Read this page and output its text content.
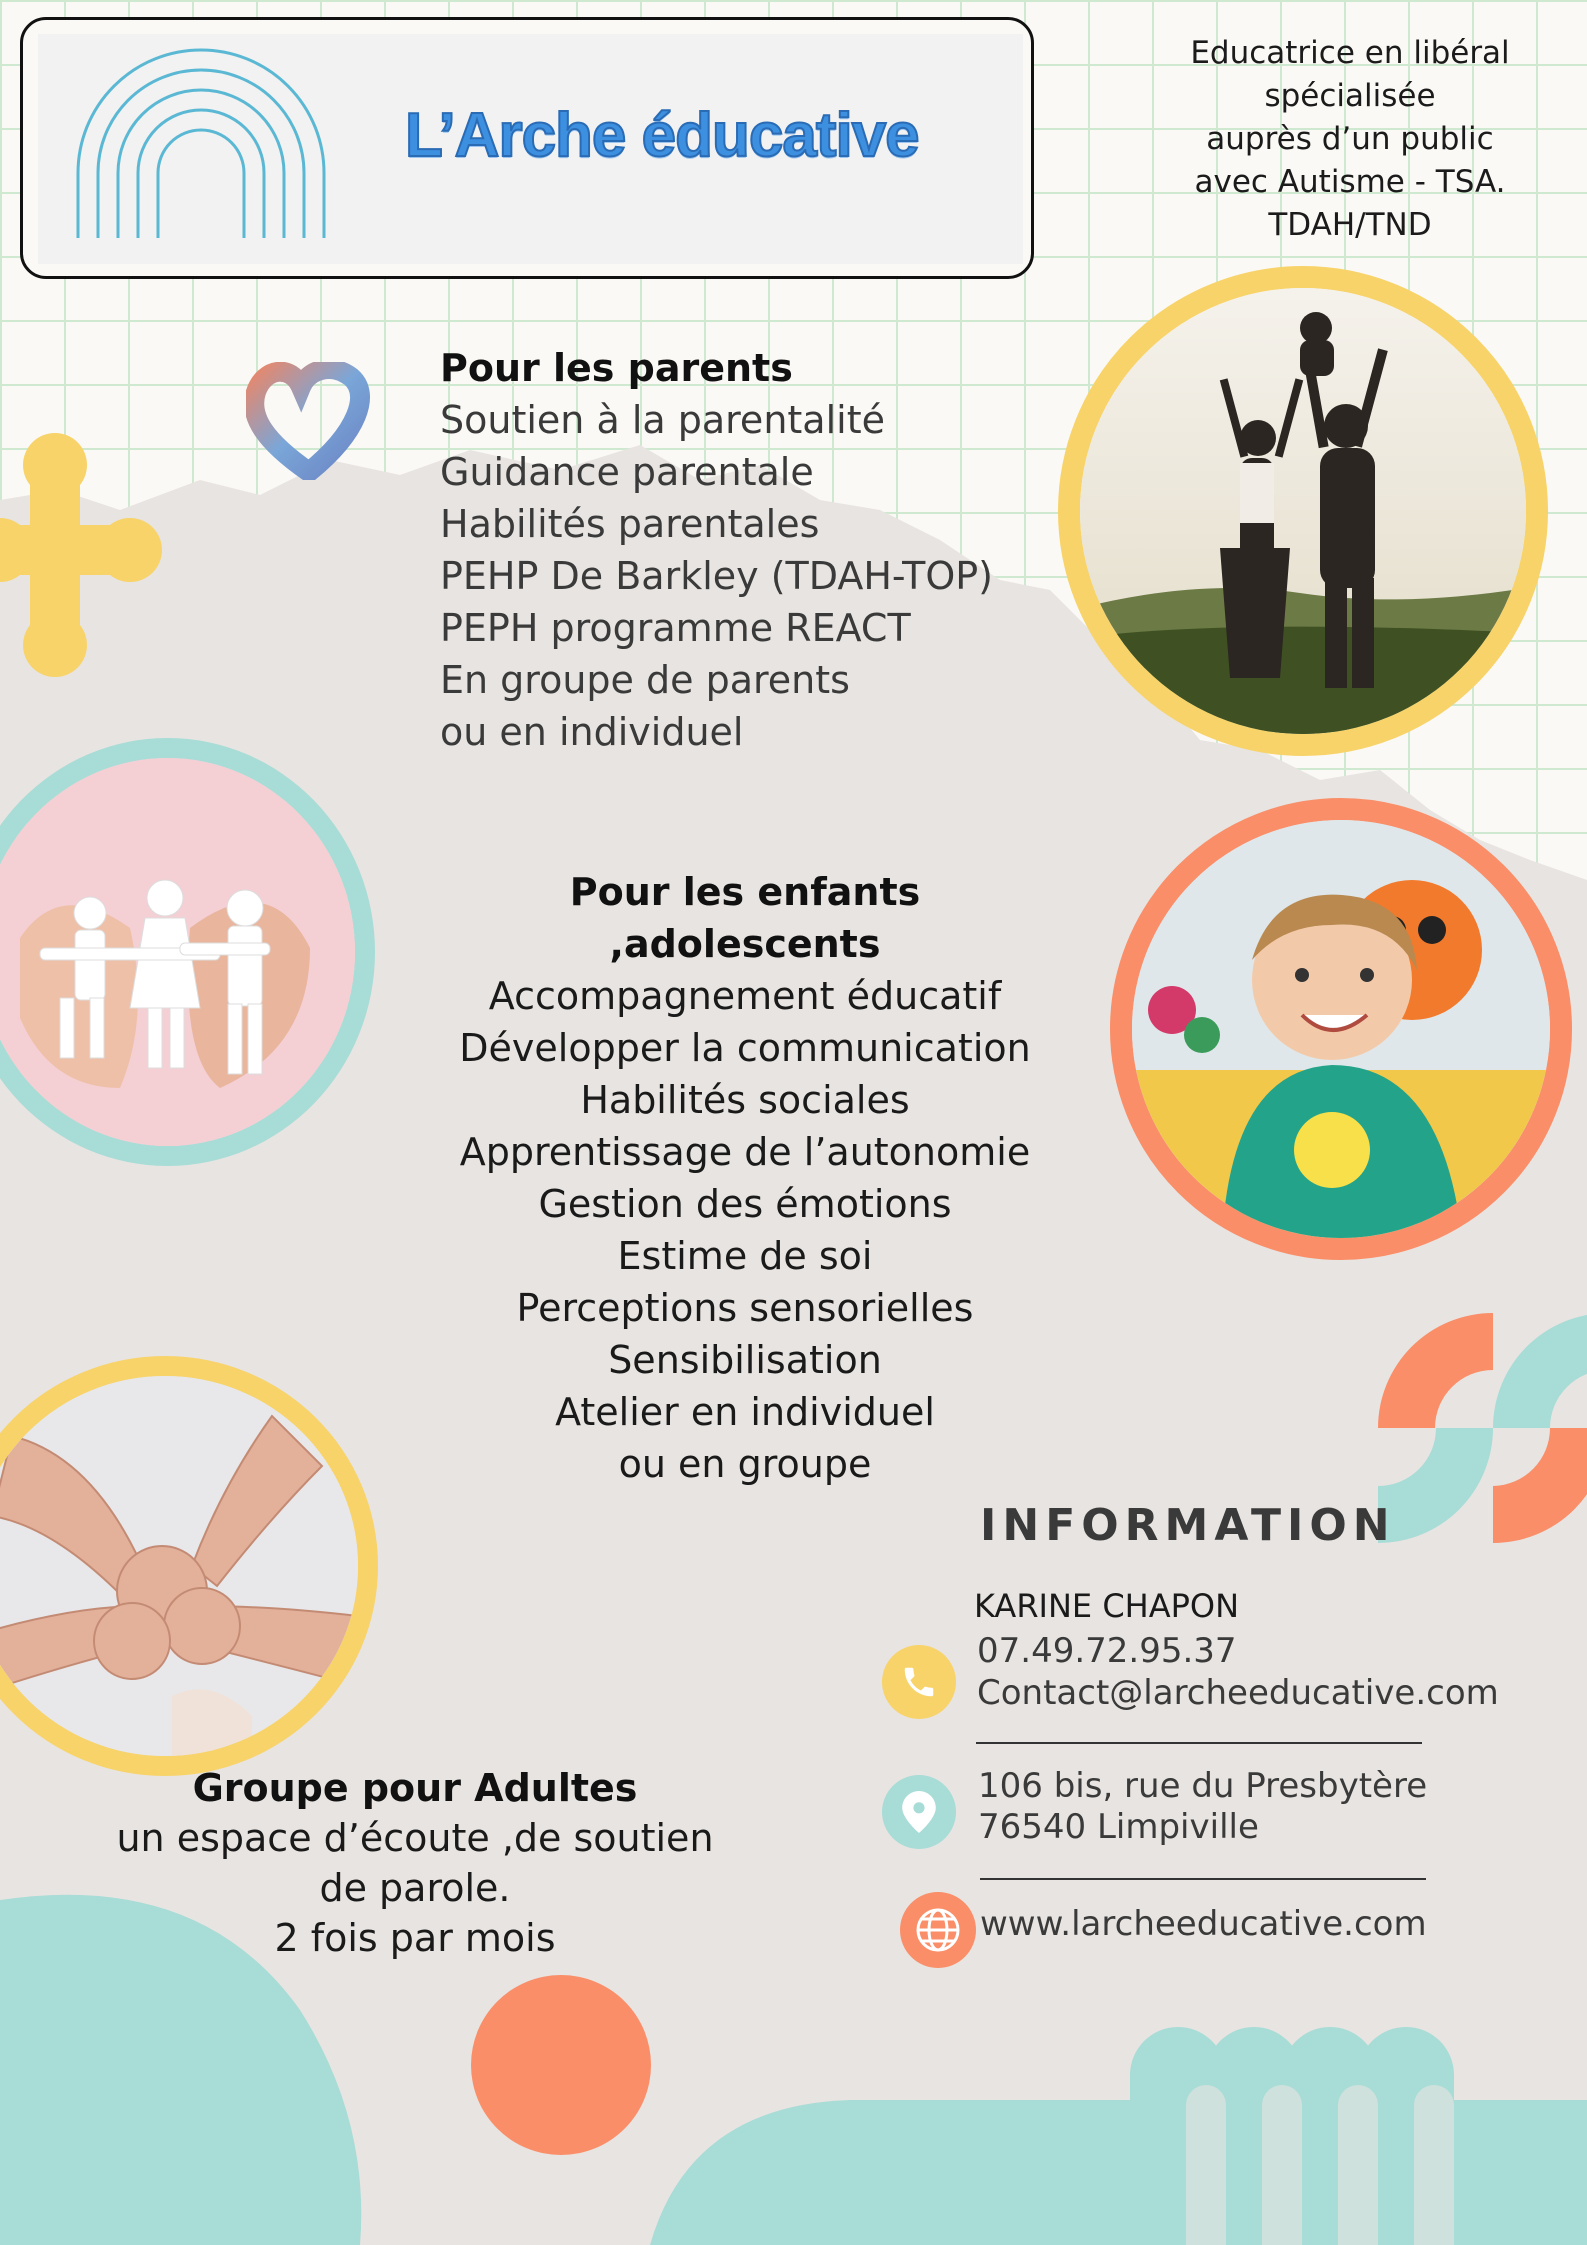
L’Arche éducative
Educatrice en libéral
spécialisée
auprès d’un public
avec Autisme - TSA.
TDAH/TND
Pour les parents
Soutien à la parentalité
Guidance parentale
Habilités parentales
PEHP De Barkley (TDAH-TOP)
PEPH programme REACT
En groupe de parents
ou en individuel
Pour les enfants ,adolescents
Accompagnement éducatif
Développer la communication
Habilités sociales
Apprentissage de l’autonomie
Gestion des émotions
Estime de soi
Perceptions sensorielles
Sensibilisation
Atelier en individuel
ou en groupe
Groupe pour Adultes
un espace d’écoute ,de soutien
de parole.
2 fois par mois
INFORMATION
KARINE CHAPON
07.49.72.95.37
Contact@larcheeducative.com
106 bis, rue du Presbytère
76540 Limpiville
www.larcheeducative.com
